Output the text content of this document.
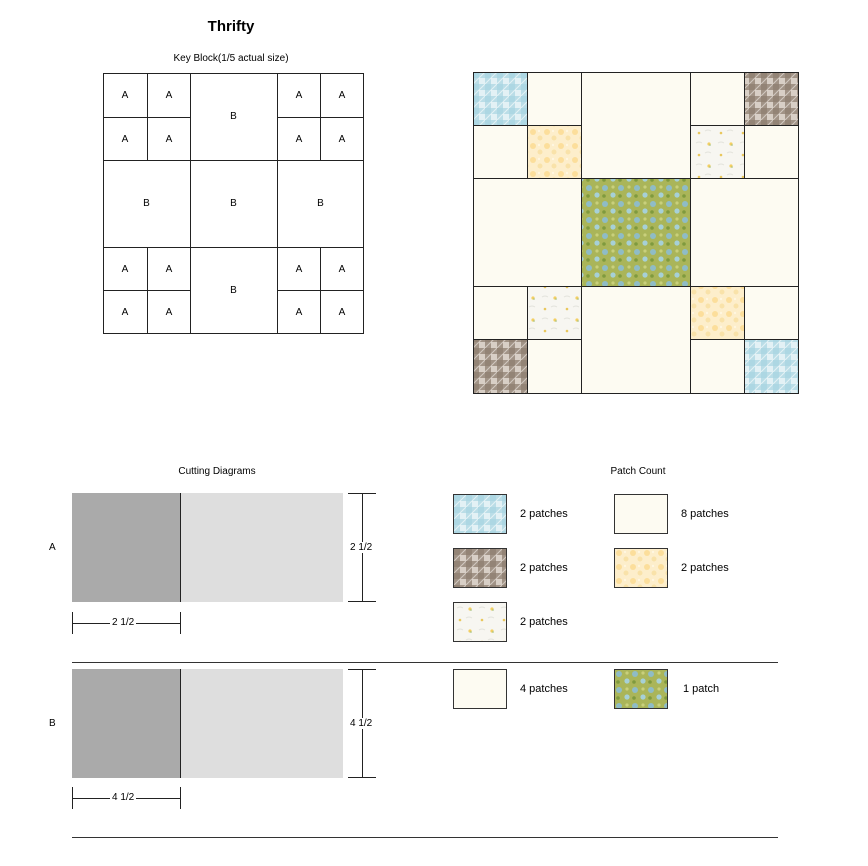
Thrifty
Key Block(1/5 actual size)
A	A
A	A
B
A	A
A	A
B	B	B
A	A
A	A
B
A	A
A	A
Cutting Diagrams
A	2 1/2
2 1/2
B	4 1/2
4 1/2
Patch Count
2 patches	8 patches
2 patches	2 patches
2 patches
4 patches	1 patch
